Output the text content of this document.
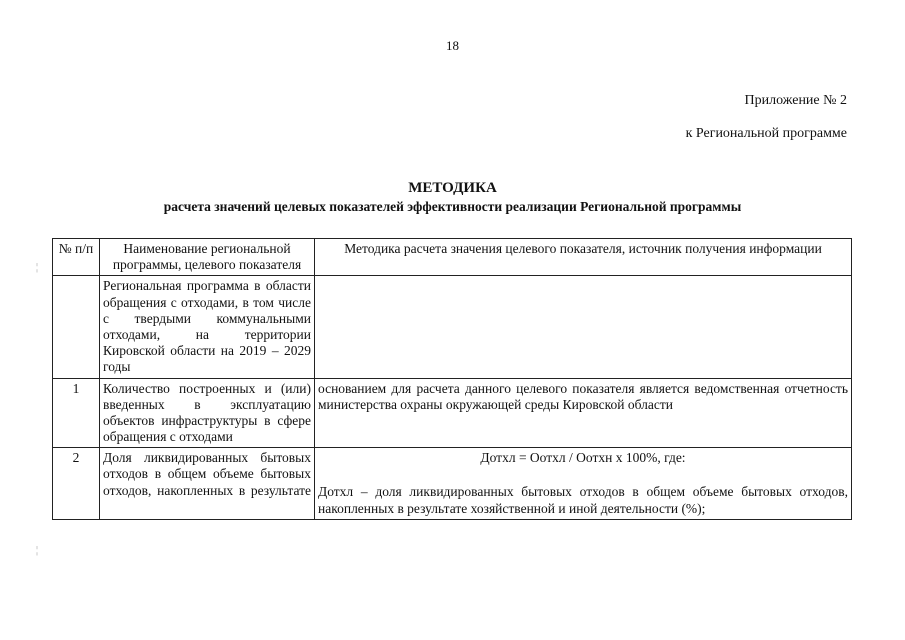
18
Приложение № 2
к Региональной программе
МЕТОДИКА
расчета значений целевых показателей эффективности реализации Региональной программы
¦
¦
№ п/п	Наименование региональной программы, целевого показателя	Методика расчета значения целевого показателя, источник получения информации
	Региональная программа в области обращения с отходами, в том числе с твердыми коммунальными отходами, на территории Кировской области на 2019 – 2029 годы	
1	Количество построенных и (или) введенных в эксплуатацию объектов инфраструктуры в сфере обращения с отходами	основанием для расчета данного целевого показателя является ведомственная отчетность министерства охраны окружающей среды Кировской области
2	Доля ликвидированных бытовых отходов в общем объеме бытовых отходов, накопленных в результате	Дотхл = Оотхл / Оотхн х 100%, где:
Дотхл – доля ликвидированных бытовых отходов в общем объеме бытовых отходов, накопленных в результате хозяйственной и иной деятельности (%);
